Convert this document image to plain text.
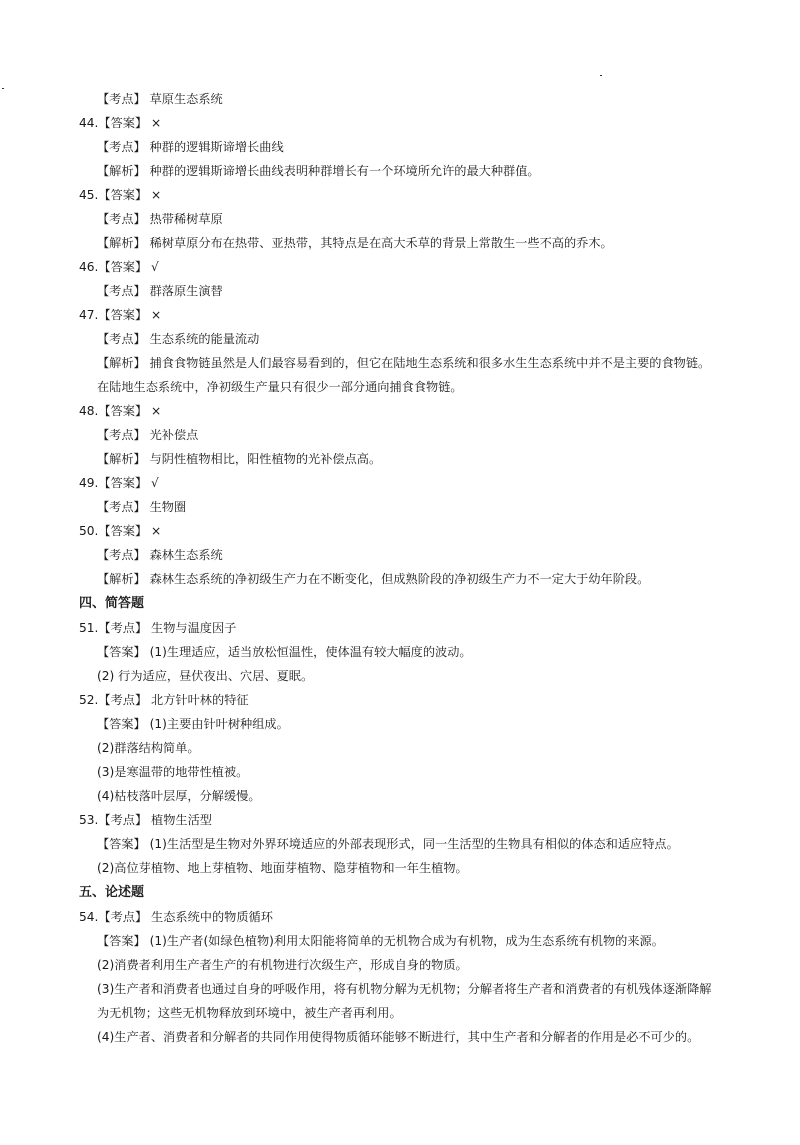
【考点】 草原生态系统
44.【答案】 ×
【考点】 种群的逻辑斯谛增长曲线
【解析】 种群的逻辑斯谛增长曲线表明种群增长有一个环境所允许的最大种群值。
45.【答案】 ×
【考点】 热带稀树草原
【解析】 稀树草原分布在热带、亚热带，其特点是在高大禾草的背景上常散生一些不高的乔木。
46.【答案】 √
【考点】 群落原生演替
47.【答案】 ×
【考点】 生态系统的能量流动
【解析】 捕食食物链虽然是人们最容易看到的，但它在陆地生态系统和很多水生生态系统中并不是主要的食物链。
在陆地生态系统中，净初级生产量只有很少一部分通向捕食食物链。
48.【答案】 ×
【考点】 光补偿点
【解析】 与阴性植物相比，阳性植物的光补偿点高。
49.【答案】 √
【考点】 生物圈
50.【答案】 ×
【考点】 森林生态系统
【解析】 森林生态系统的净初级生产力在不断变化，但成熟阶段的净初级生产力不一定大于幼年阶段。
四、简答题
51.【考点】 生物与温度因子
【答案】 (1)生理适应，适当放松恒温性，使体温有较大幅度的波动。
(2) 行为适应，昼伏夜出、穴居、夏眠。
52.【考点】 北方针叶林的特征
【答案】 (1)主要由针叶树种组成。
(2)群落结构简单。
(3)是寒温带的地带性植被。
(4)枯枝落叶层厚，分解缓慢。
53.【考点】 植物生活型
【答案】 (1)生活型是生物对外界环境适应的外部表现形式，同一生活型的生物具有相似的体态和适应特点。
(2)高位芽植物、地上芽植物、地面芽植物、隐芽植物和一年生植物。
五、论述题
54.【考点】 生态系统中的物质循环
【答案】 (1)生产者(如绿色植物)利用太阳能将简单的无机物合成为有机物，成为生态系统有机物的来源。
(2)消费者利用生产者生产的有机物进行次级生产，形成自身的物质。
(3)生产者和消费者也通过自身的呼吸作用，将有机物分解为无机物；分解者将生产者和消费者的有机残体逐渐降解
为无机物；这些无机物释放到环境中，被生产者再利用。
(4)生产者、消费者和分解者的共同作用使得物质循环能够不断进行，其中生产者和分解者的作用是必不可少的。
